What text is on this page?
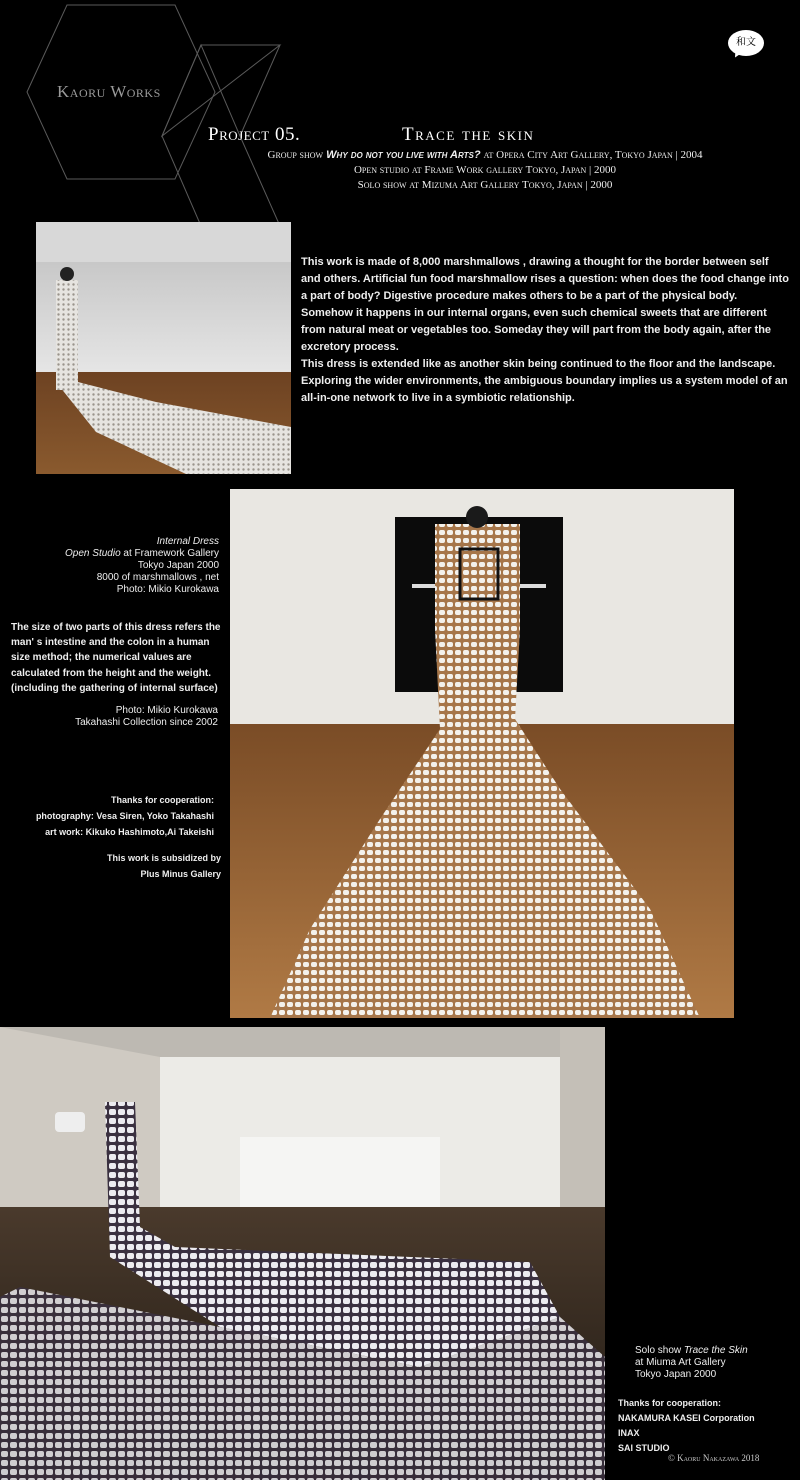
Kaoru Works
和文
Project 05.	Trace the skin
Group show Why do not you live with Arts? at Opera City Art Gallery, Tokyo Japan | 2004
Open studio at Frame Work gallery Tokyo, Japan | 2000
Solo show at Mizuma Art Gallery Tokyo, Japan | 2000

This work is made of 8,000 marshmallows , drawing a thought for the border between self and others. Artificial fun food marshmallow rises a question: when does the food change into a part of body? Digestive procedure makes others to be a part of the physical body. Somehow it happens in our internal organs, even such chemical sweets that are different from natural meat or vegetables too. Someday they will part from the body again, after the excretory process.

This dress is extended like as another skin being continued to the floor and the landscape. Exploring the wider environments, the ambiguous boundary implies us a system model of an all-in-one network to live in a symbiotic relationship.

Internal Dress
Open Studio at Framework Gallery
Tokyo Japan 2000
8000 of marshmallows , net
Photo: Mikio Kurokawa
The size of two parts of this dress refers the man' s intestine and the colon in a human size method; the numerical values are calculated from the height and the weight. (including the gathering of internal surface)
Photo: Mikio Kurokawa
Takahashi Collection since 2002
Thanks for cooperation:
photography: Vesa Siren, Yoko Takahashi
art work: Kikuko Hashimoto,Ai Takeishi
This work is subsidized by
Plus Minus Gallery
Solo show Trace the Skin
at Miuma Art Gallery
Tokyo Japan 2000
Thanks for cooperation:
NAKAMURA KASEI Corporation
INAX
SAI STUDIO
© Kaoru Nakazawa 2018
